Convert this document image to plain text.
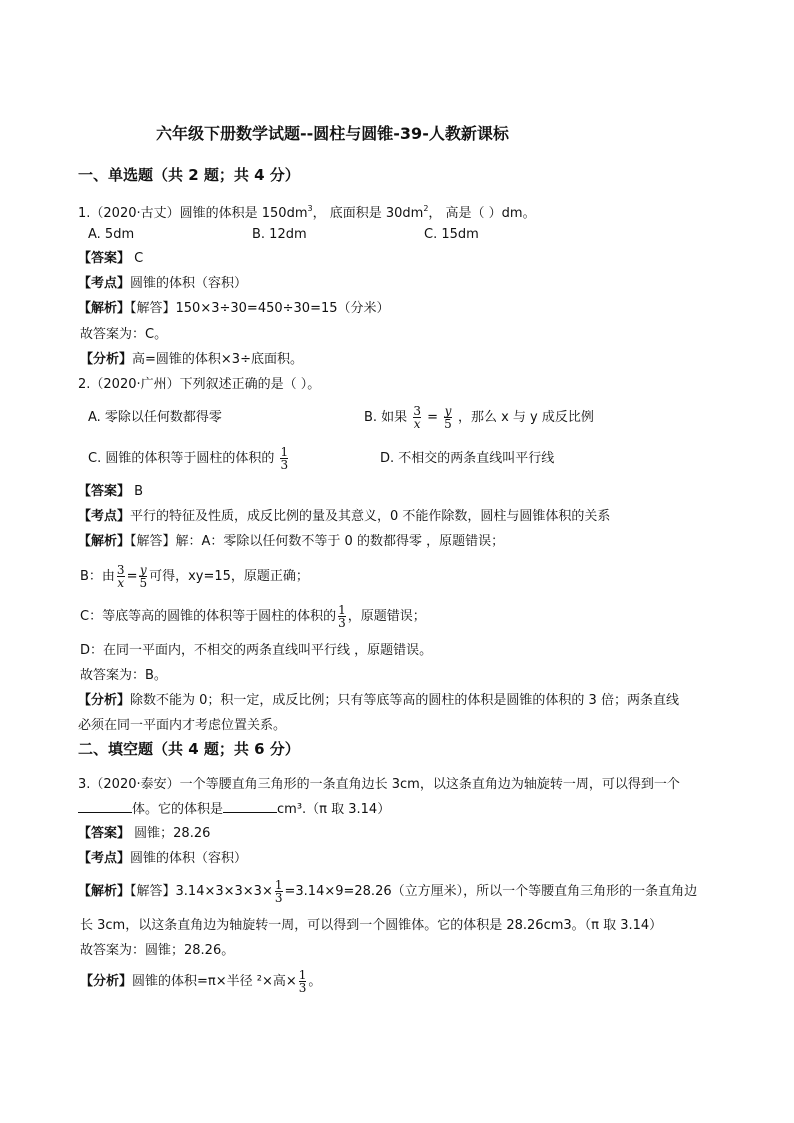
六年级下册数学试题--圆柱与圆锥-39-人教新课标
一、单选题（共 2 题；共 4 分）
1.（2020·古丈）圆锥的体积是 $150dm^3$， 底面积是 $30dm^2$， 高是（ ）dm。
A. 5dm	B. 12dm	C. 15dm
【答案】 C
【考点】圆锥的体积（容积）
【解析】【解答】150×3÷30=450÷30=15（分米）
故答案为：C。
【分析】高=圆锥的体积×3÷底面积。
2.（2020·广州）下列叙述正确的是（ ）。
A. 零除以任何数都得零	B. 如果 $\frac{3}{x} = \frac{y}{5}$ ，那么 x 与 y 成反比例
C. 圆锥的体积等于圆柱的体积的 $\frac{1}{3}$	D. 不相交的两条直线叫平行线
【答案】 B
【考点】平行的特征及性质，成反比例的量及其意义，0 不能作除数，圆柱与圆锥体积的关系
【解析】【解答】解：A：零除以任何数不等于 0 的数都得零 ，原题错误；
B：由 $\frac{3}{x} = \frac{y}{5}$ 可得，xy=15，原题正确；
C：等底等高的圆锥的体积等于圆柱的体积的 $\frac{1}{3}$ ，原题错误；
D：在同一平面内，不相交的两条直线叫平行线 ，原题错误。
故答案为：B。
【分析】除数不能为 0；积一定，成反比例；只有等底等高的圆柱的体积是圆锥的体积的 3 倍；两条直线
必须在同一平面内才考虑位置关系。
二、填空题（共 4 题；共 6 分）
3.（2020·泰安）一个等腰直角三角形的一条直角边长 3cm，以这条直角边为轴旋转一周，可以得到一个
体。它的体积是	cm³.（π 取 3.14）
【答案】 圆锥；28.26
【考点】圆锥的体积（容积）
【解析】【解答】$3.14\times 3\times 3\times 3\times \frac{1}{3} =3.14\times 9=28.26$（立方厘米），所以一个等腰直角三角形的一条直角边
长 3cm，以这条直角边为轴旋转一周，可以得到一个圆锥体。它的体积是 28.26cm3。（π 取 3.14）
故答案为：圆锥；28.26。
【分析】圆锥的体积=π×半径 ²×高× $\frac{1}{3}$ 。
